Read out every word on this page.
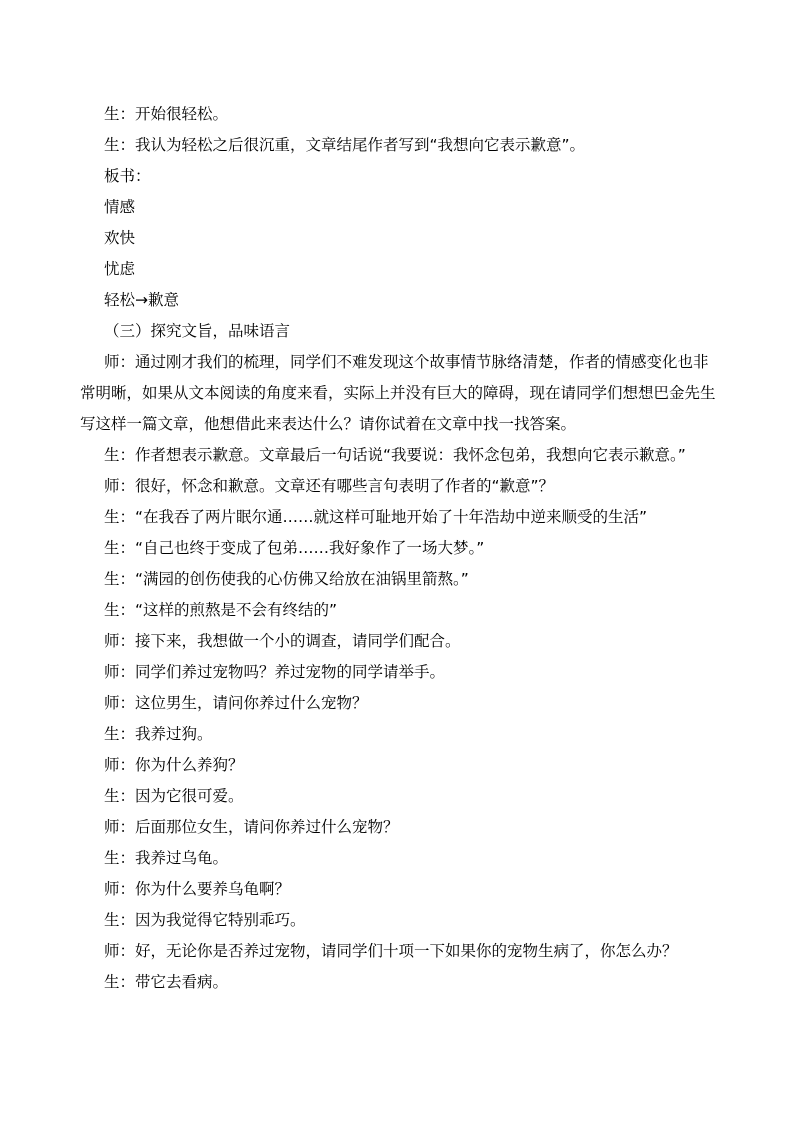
生：开始很轻松。

生：我认为轻松之后很沉重，文章结尾作者写到“我想向它表示歉意”。

板书：

情感

欢快

忧虑

轻松→歉意

（三）探究文旨，品味语言

师：通过刚才我们的梳理，同学们不难发现这个故事情节脉络清楚，作者的情感变化也非
常明晰，如果从文本阅读的角度来看，实际上并没有巨大的障碍，现在请同学们想想巴金先生
写这样一篇文章，他想借此来表达什么？请你试着在文章中找一找答案。

生：作者想表示歉意。文章最后一句话说“我要说：我怀念包弟，我想向它表示歉意。”

师：很好，怀念和歉意。文章还有哪些言句表明了作者的“歉意”？

生：“在我吞了两片眠尔通……就这样可耻地开始了十年浩劫中逆来顺受的生活”

生：“自己也终于变成了包弟……我好象作了一场大梦。”

生：“满园的创伤使我的心仿佛又给放在油锅里箭熬。”

生：“这样的煎熬是不会有终结的”

师：接下来，我想做一个小的调查，请同学们配合。

师：同学们养过宠物吗？养过宠物的同学请举手。

师：这位男生，请问你养过什么宠物？

生：我养过狗。

师：你为什么养狗？

生：因为它很可爱。

师：后面那位女生，请问你养过什么宠物？

生：我养过乌龟。

师：你为什么要养乌龟啊？

生：因为我觉得它特别乖巧。

师：好，无论你是否养过宠物，请同学们十项一下如果你的宠物生病了，你怎么办？

生：带它去看病。
